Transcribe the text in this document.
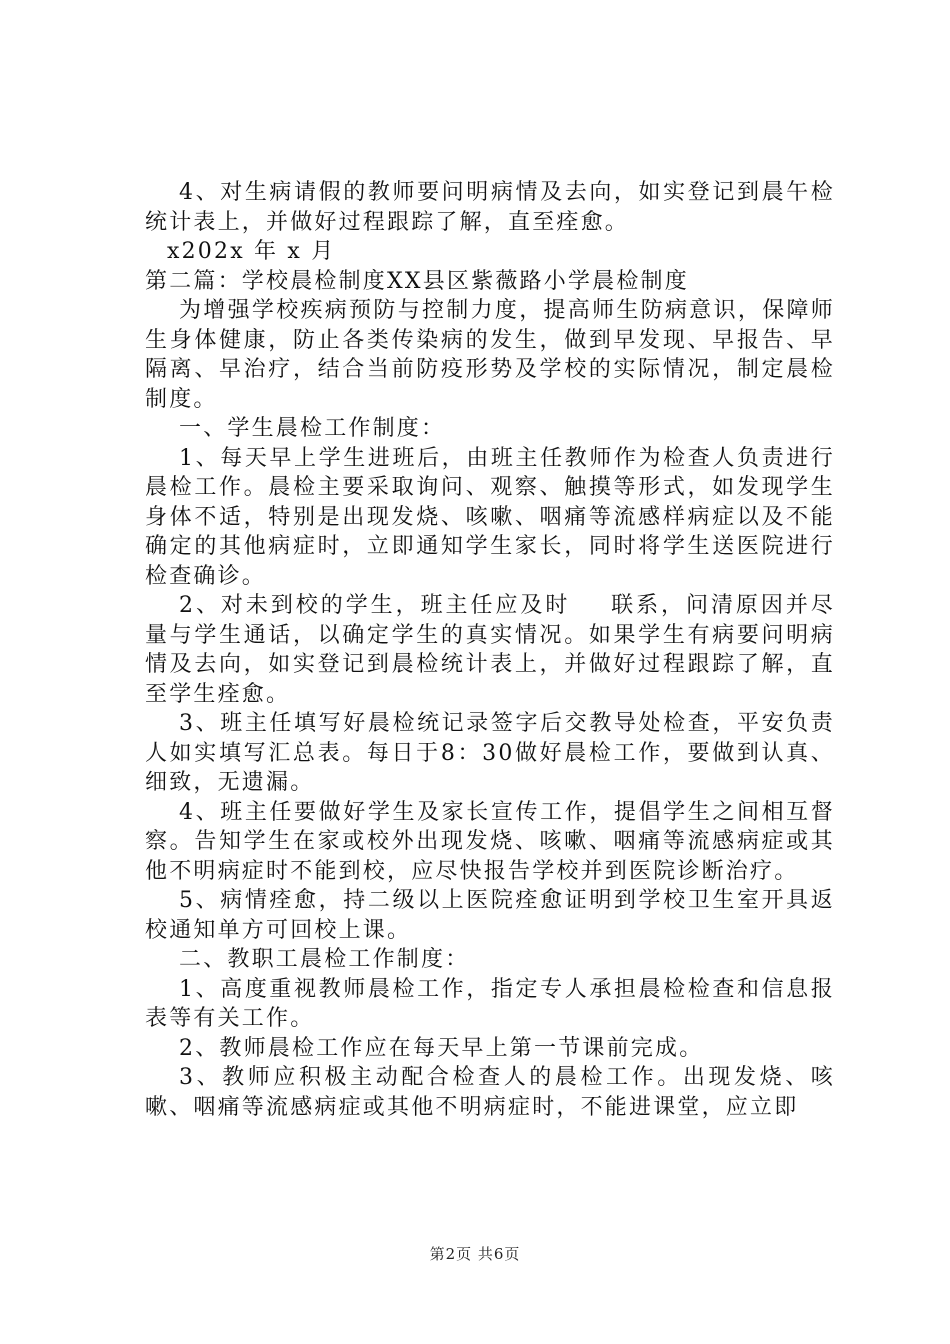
4、对生病请假的教师要问明病情及去向，如实登记到晨午检统计表上，并做好过程跟踪了解，直至痊愈。

x202x 年 x 月

第二篇：学校晨检制度XX县区紫薇路小学晨检制度

为增强学校疾病预防与控制力度，提高师生防病意识，保障师生身体健康，防止各类传染病的发生，做到早发现、早报告、早隔离、早治疗，结合当前防疫形势及学校的实际情况，制定晨检制度。

一、学生晨检工作制度：

1、每天早上学生进班后，由班主任教师作为检查人负责进行晨检工作。晨检主要采取询问、观察、触摸等形式，如发现学生身体不适，特别是出现发烧、咳嗽、咽痛等流感样病症以及不能确定的其他病症时，立即通知学生家长，同时将学生送医院进行检查确诊。

2、对未到校的学生，班主任应及时 联系，问清原因并尽量与学生通话，以确定学生的真实情况。如果学生有病要问明病情及去向，如实登记到晨检统计表上，并做好过程跟踪了解，直至学生痊愈。

3、班主任填写好晨检统记录签字后交教导处检查，平安负责人如实填写汇总表。每日于8：30做好晨检工作，要做到认真、细致，无遗漏。

4、班主任要做好学生及家长宣传工作，提倡学生之间相互督察。告知学生在家或校外出现发烧、咳嗽、咽痛等流感病症或其他不明病症时不能到校，应尽快报告学校并到医院诊断治疗。

5、病情痊愈，持二级以上医院痊愈证明到学校卫生室开具返校通知单方可回校上课。

二、教职工晨检工作制度：

1、高度重视教师晨检工作，指定专人承担晨检检查和信息报表等有关工作。

2、教师晨检工作应在每天早上第一节课前完成。

3、教师应积极主动配合检查人的晨检工作。出现发烧、咳嗽、咽痛等流感病症或其他不明病症时，不能进课堂，应立即

第2页 共6页
